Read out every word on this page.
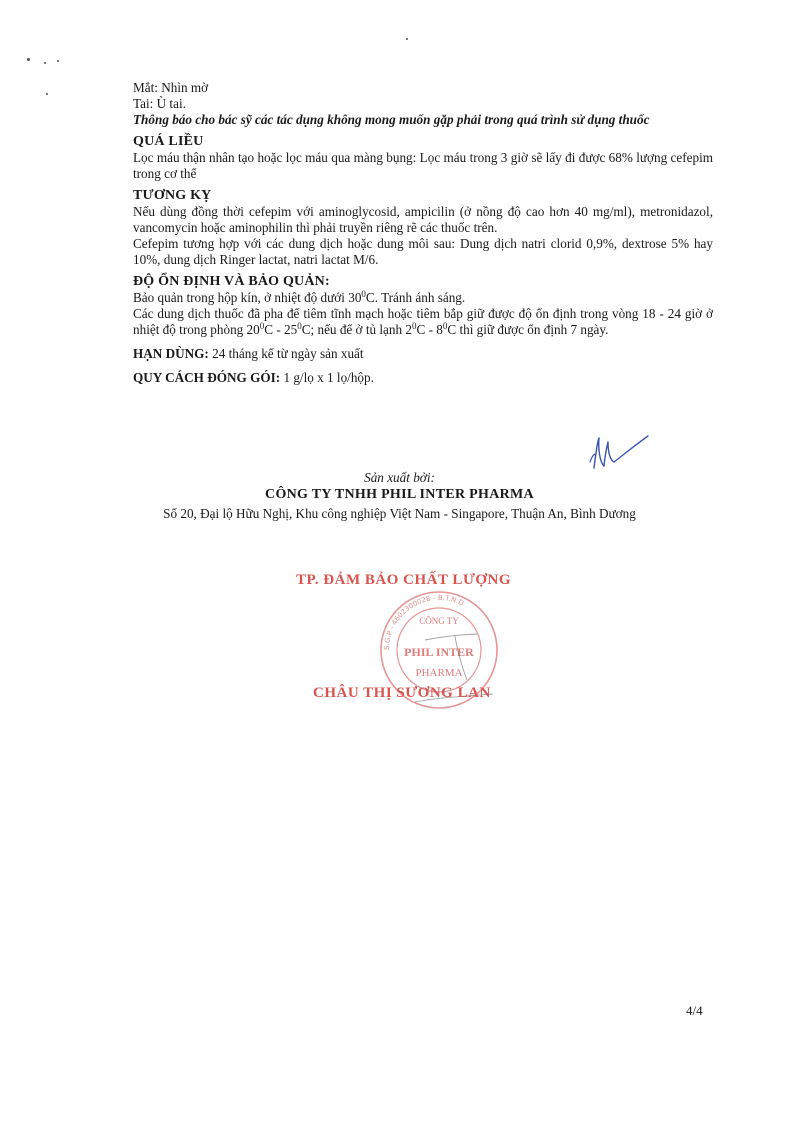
Mắt: Nhìn mờ

Tai: Ù tai.

Thông báo cho bác sỹ các tác dụng không mong muốn gặp phải trong quá trình sử dụng thuốc

QUÁ LIỀU

Lọc máu thận nhân tạo hoặc lọc máu qua màng bụng: Lọc máu trong 3 giờ sẽ lấy đi được 68% lượng cefepim trong cơ thể

TƯƠNG KỴ

Nếu dùng đồng thời cefepim với aminoglycosid, ampicilin (ở nồng độ cao hơn 40 mg/ml), metronidazol, vancomycin hoặc aminophilin thì phải truyền riêng rẽ các thuốc trên.

Cefepim tương hợp với các dung dịch hoặc dung môi sau: Dung dịch natri clorid 0,9%, dextrose 5% hay 10%, dung dịch Ringer lactat, natri lactat M/6.

ĐỘ ỔN ĐỊNH VÀ BẢO QUẢN:

Bảo quản trong hộp kín, ở nhiệt độ dưới $30^0C$. Tránh ánh sáng.

Các dung dịch thuốc đã pha để tiêm tĩnh mạch hoặc tiêm bắp giữ được độ ổn định trong vòng 18 - 24 giờ ở nhiệt độ trong phòng $20^0C - 25^0C$; nếu để ở tủ lạnh $2^0C - 8^0C$ thì giữ được ổn định 7 ngày.

HẠN DÙNG: 24 tháng kể từ ngày sản xuất

QUY CÁCH ĐÓNG GÓI: 1 g/lọ x 1 lọ/hộp.

Sản xuất bởi:
CÔNG TY TNHH PHIL INTER PHARMA
Số 20, Đại lộ Hữu Nghị, Khu công nghiệp Việt Nam - Singapore, Thuận An, Bình Dương
TP. ĐẢM BẢO CHẤT LƯỢNG
S.G.P - 4602300028 - B.T.N.D
CÔNG TY
PHIL INTER
PHARMA
CHÂU THỊ SƯƠNG LAN
4/4
